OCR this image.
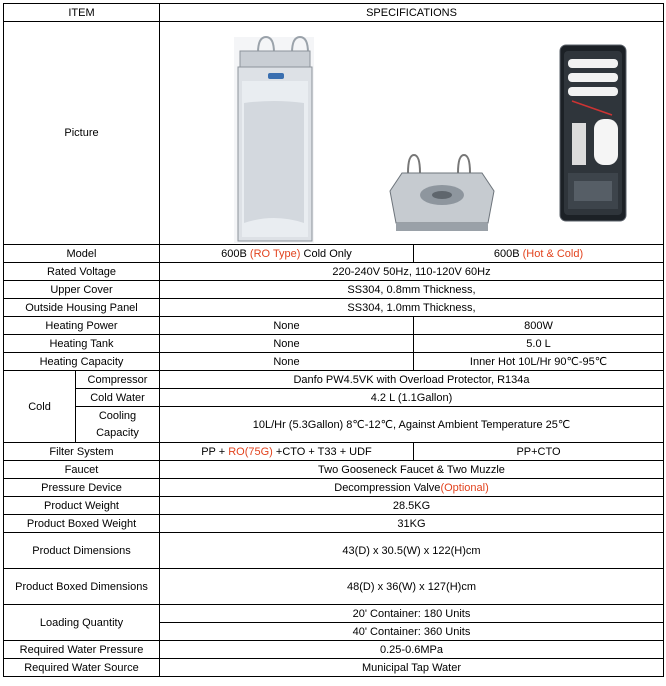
ITEM		SPECIFICATIONS	
Picture	

Model		600B (RO Type) Cold Only	600B (Hot & Cold)
Rated Voltage		220-240V 50Hz, 110-120V 60Hz	
Upper Cover		SS304, 0.8mm Thickness,	
Outside Housing Panel		SS304, 1.0mm Thickness,	
Heating Power		None	800W
Heating Tank		None	5.0 L
Heating Capacity		None	Inner Hot 10L/Hr 90℃-95℃
Cold	Compressor	Danfo PW4.5VK with Overload Protector, R134a	
	Cold Water	4.2 L (1.1Gallon)	
	Cooling Capacity	10L/Hr (5.3Gallon) 8℃-12℃, Against Ambient Temperature 25℃	
Filter System		PP + RO(75G) +CTO + T33 + UDF	PP+CTO
Faucet		Two Gooseneck Faucet & Two Muzzle	
Pressure Device		Decompression Valve(Optional)	
Product Weight		28.5KG	
Product Boxed Weight		31KG	
Product Dimensions		43(D) x 30.5(W) x 122(H)cm	
Product Boxed Dimensions		48(D) x 36(W) x 127(H)cm	
Loading Quantity		20' Container: 180 Units	
		40' Container: 360 Units	
Required Water Pressure		0.25-0.6MPa	
Required Water Source		Municipal Tap Water	
